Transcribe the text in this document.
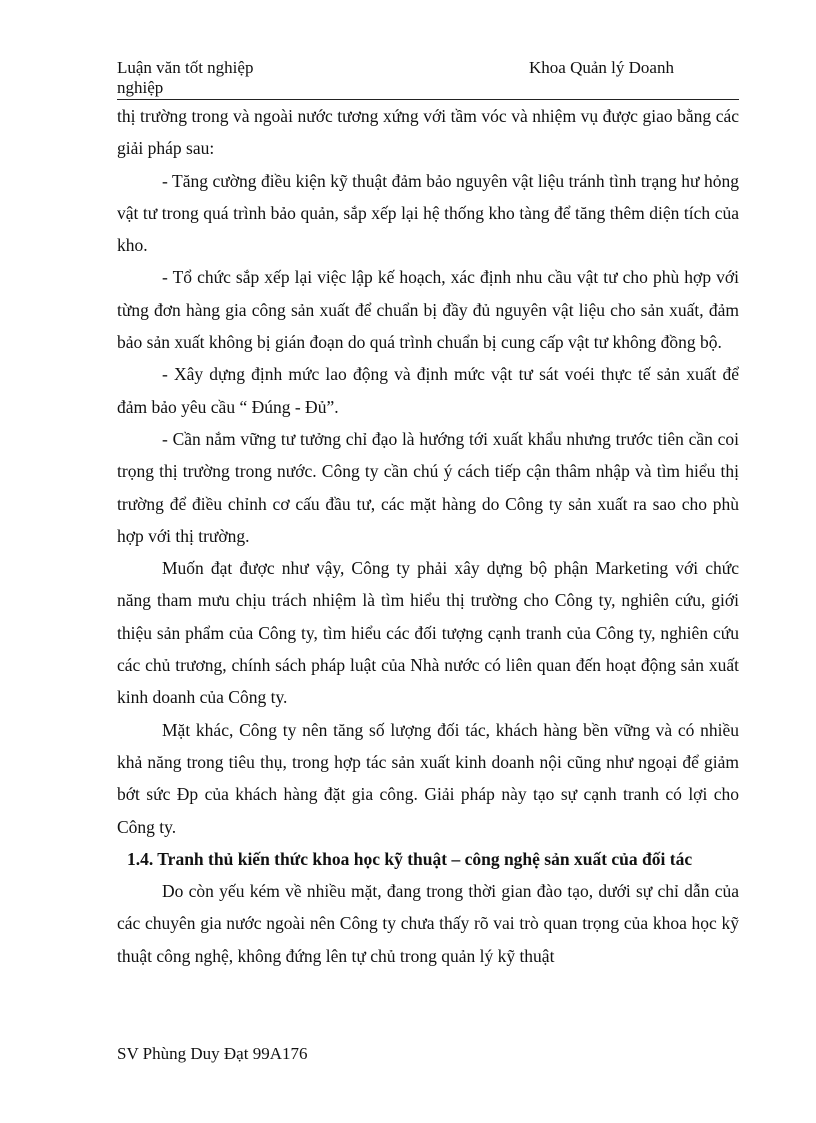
Luận văn tốt nghiệp nghiệp
Khoa Quản lý Doanh

thị trường trong và ngoài nước tương xứng với tầm vóc và nhiệm vụ được giao bằng các giải pháp sau:

- Tăng cường điều kiện kỹ thuật đảm bảo nguyên vật liệu tránh tình trạng hư hỏng vật tư trong quá trình bảo quản, sắp xếp lại hệ thống kho tàng để tăng thêm diện tích của kho.

- Tổ chức sắp xếp lại việc lập kế hoạch, xác định nhu cầu vật tư cho phù hợp với từng đơn hàng gia công sản xuất để chuẩn bị đầy đủ nguyên vật liệu cho sản xuất, đảm bảo sản xuất không bị gián đoạn do quá trình chuẩn bị cung cấp vật tư không đồng bộ.

- Xây dựng định mức lao động và định mức vật tư sát voéi thực tế sản xuất để đảm bảo yêu cầu “ Đúng - Đủ”.

- Cần nắm vững tư tưởng chỉ đạo là hướng tới xuất khẩu nhưng trước tiên cần coi trọng thị trường trong nước. Công ty cần chú ý cách tiếp cận thâm nhập và tìm hiểu thị trường để điều chỉnh cơ cấu đầu tư, các mặt hàng do Công ty sản xuất ra sao cho phù hợp với thị trường.

Muốn đạt được như vậy, Công ty phải xây dựng bộ phận Marketing với chức năng tham mưu chịu trách nhiệm là tìm hiểu thị trường cho Công ty, nghiên cứu, giới thiệu sản phẩm của Công ty, tìm hiểu các đối tượng cạnh tranh của Công ty, nghiên cứu các chủ trương, chính sách pháp luật của Nhà nước có liên quan đến hoạt động sản xuất kinh doanh của Công ty.

Mặt khác, Công ty nên tăng số lượng đối tác, khách hàng bền vững và có nhiều khả năng trong tiêu thụ, trong hợp tác sản xuất kinh doanh nội cũng như ngoại để giảm bớt sức Ðp của khách hàng đặt gia công. Giải pháp này tạo sự cạnh tranh có lợi cho Công ty.

1.4. Tranh thủ kiến thức khoa học kỹ thuật – công nghệ sản xuất của đối tác

Do còn yếu kém về nhiều mặt, đang trong thời gian đào tạo, dưới sự chỉ dẫn của các chuyên gia nước ngoài nên Công ty chưa thấy rõ vai trò quan trọng của khoa học kỹ thuật công nghệ, không đứng lên tự chủ trong quản lý kỹ thuật

SV Phùng Duy Đạt 99A176
